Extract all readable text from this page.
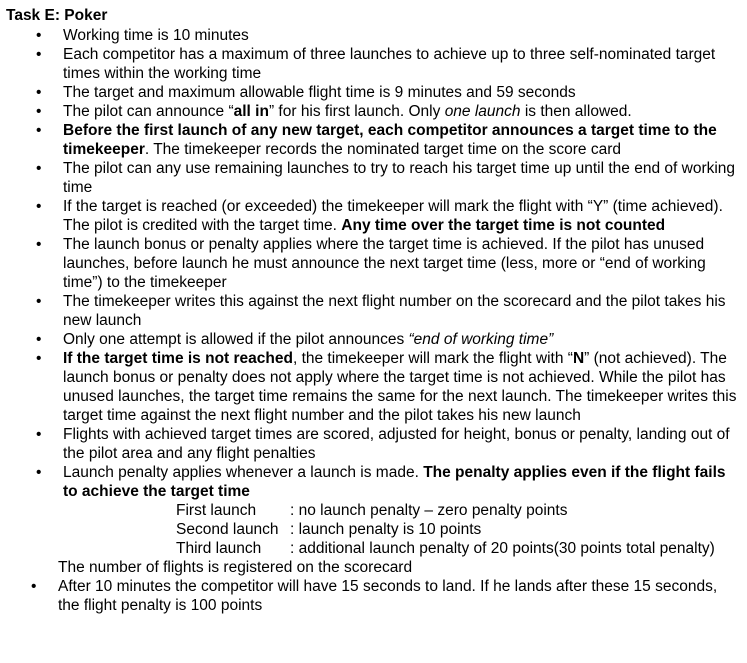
Task E: Poker
• Working time is 10 minutes
• Each competitor has a maximum of three launches to achieve up to three self-nominated target times within the working time
• The target and maximum allowable flight time is 9 minutes and 59 seconds
• The pilot can announce “all in” for his first launch. Only one launch is then allowed.
• Before the first launch of any new target, each competitor announces a target time to the timekeeper. The timekeeper records the nominated target time on the score card
• The pilot can any use remaining launches to try to reach his target time up until the end of working time
• If the target is reached (or exceeded) the timekeeper will mark the flight with “Y” (time achieved). The pilot is credited with the target time. Any time over the target time is not counted
• The launch bonus or penalty applies where the target time is achieved. If the pilot has unused launches, before launch he must announce the next target time (less, more or “end of working time”) to the timekeeper
• The timekeeper writes this against the next flight number on the scorecard and the pilot takes his new launch
• Only one attempt is allowed if the pilot announces “end of working time”
• If the target time is not reached, the timekeeper will mark the flight with “N” (not achieved). The launch bonus or penalty does not apply where the target time is not achieved. While the pilot has unused launches, the target time remains the same for the next launch. The timekeeper writes this target time against the next flight number and the pilot takes his new launch
• Flights with achieved target times are scored, adjusted for height, bonus or penalty, landing out of the pilot area and any flight penalties
• Launch penalty applies whenever a launch is made. The penalty applies even if the flight fails to achieve the target time
First launch	: no launch penalty – zero penalty points
Second launch : launch penalty is 10 points
Third launch	: additional launch penalty of 20 points(30 points total penalty)
The number of flights is registered on the scorecard
• After 10 minutes the competitor will have 15 seconds to land. If he lands after these 15 seconds, the flight penalty is 100 points
